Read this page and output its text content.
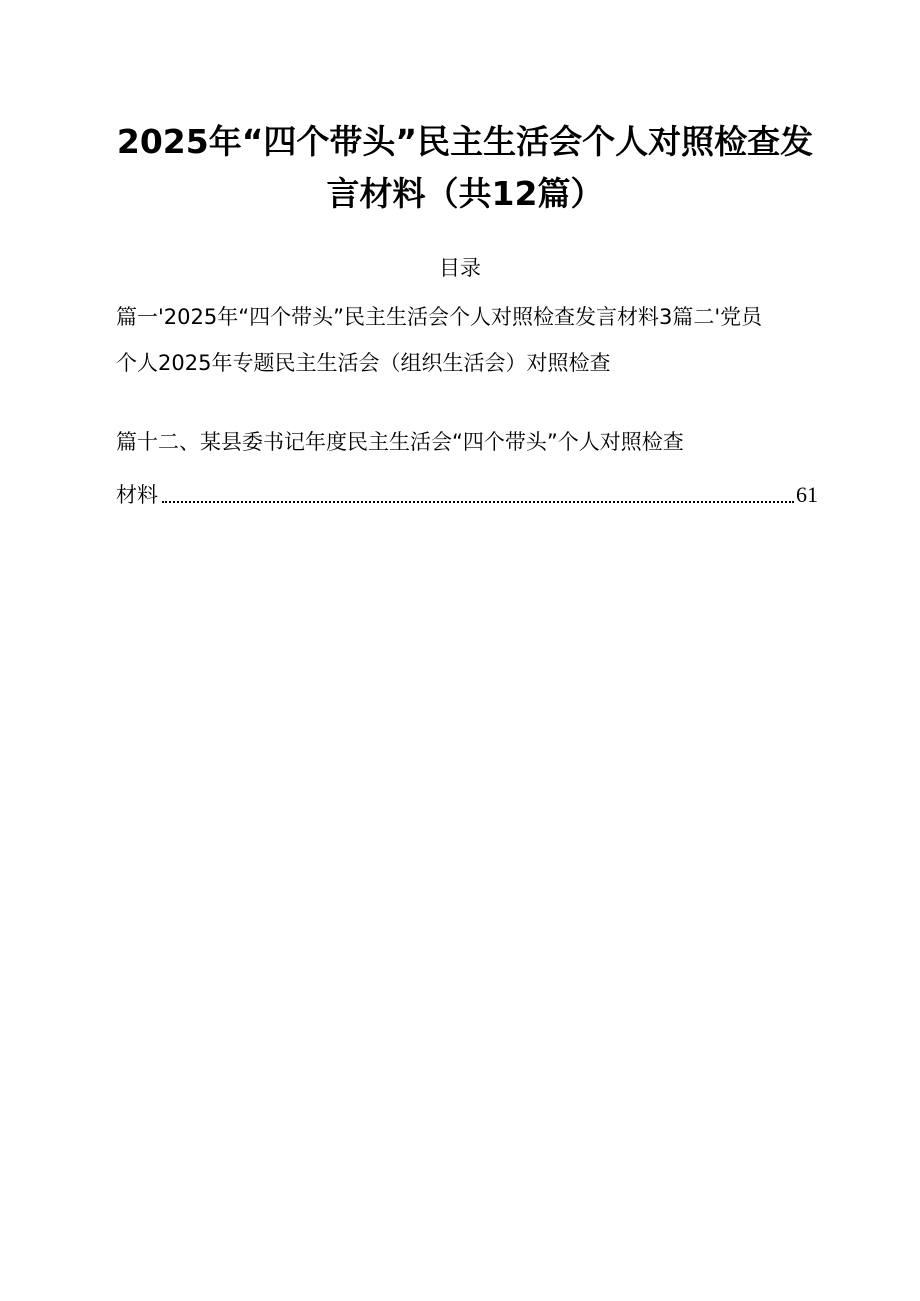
2025年“四个带头”民主生活会个人对照检查发
言材料（共12篇）
目录
篇一'2025年“四个带头”民主生活会个人对照检查发言材料3篇二'党员
个人2025年专题民主生活会（组织生活会）对照检查
篇十二、某县委书记年度民主生活会“四个带头”个人对照检查
材料	61
